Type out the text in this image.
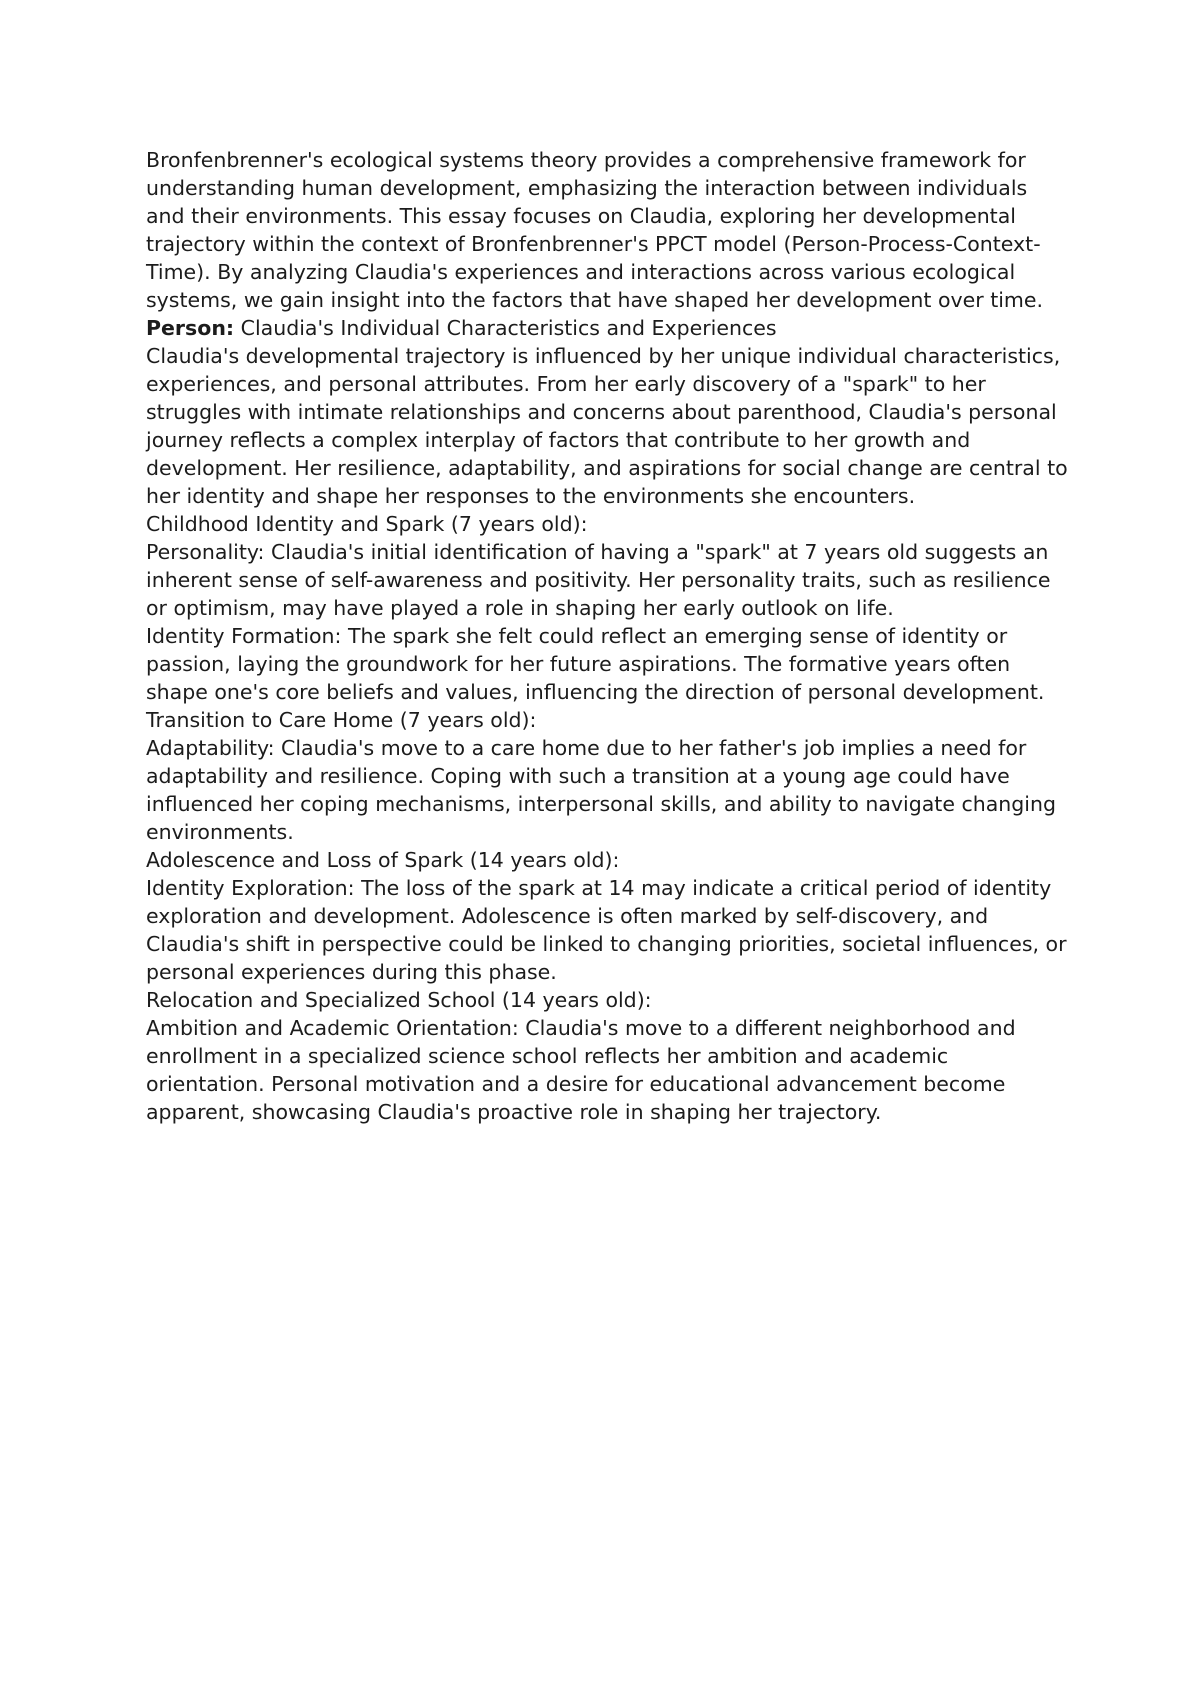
Bronfenbrenner's ecological systems theory provides a comprehensive framework for understanding human development, emphasizing the interaction between individuals and their environments. This essay focuses on Claudia, exploring her developmental trajectory within the context of Bronfenbrenner's PPCT model (Person-Process-Context-Time). By analyzing Claudia's experiences and interactions across various ecological systems, we gain insight into the factors that have shaped her development over time.

Person: Claudia's Individual Characteristics and Experiences

Claudia's developmental trajectory is influenced by her unique individual characteristics, experiences, and personal attributes. From her early discovery of a "spark" to her struggles with intimate relationships and concerns about parenthood, Claudia's personal journey reflects a complex interplay of factors that contribute to her growth and development. Her resilience, adaptability, and aspirations for social change are central to her identity and shape her responses to the environments she encounters.

Childhood Identity and Spark (7 years old):

Personality: Claudia's initial identification of having a "spark" at 7 years old suggests an inherent sense of self-awareness and positivity. Her personality traits, such as resilience or optimism, may have played a role in shaping her early outlook on life.

Identity Formation: The spark she felt could reflect an emerging sense of identity or passion, laying the groundwork for her future aspirations. The formative years often shape one's core beliefs and values, influencing the direction of personal development.

Transition to Care Home (7 years old):

Adaptability: Claudia's move to a care home due to her father's job implies a need for adaptability and resilience. Coping with such a transition at a young age could have influenced her coping mechanisms, interpersonal skills, and ability to navigate changing environments.

Adolescence and Loss of Spark (14 years old):

Identity Exploration: The loss of the spark at 14 may indicate a critical period of identity exploration and development. Adolescence is often marked by self-discovery, and Claudia's shift in perspective could be linked to changing priorities, societal influences, or personal experiences during this phase.

Relocation and Specialized School (14 years old):

Ambition and Academic Orientation: Claudia's move to a different neighborhood and enrollment in a specialized science school reflects her ambition and academic orientation. Personal motivation and a desire for educational advancement become apparent, showcasing Claudia's proactive role in shaping her trajectory.
